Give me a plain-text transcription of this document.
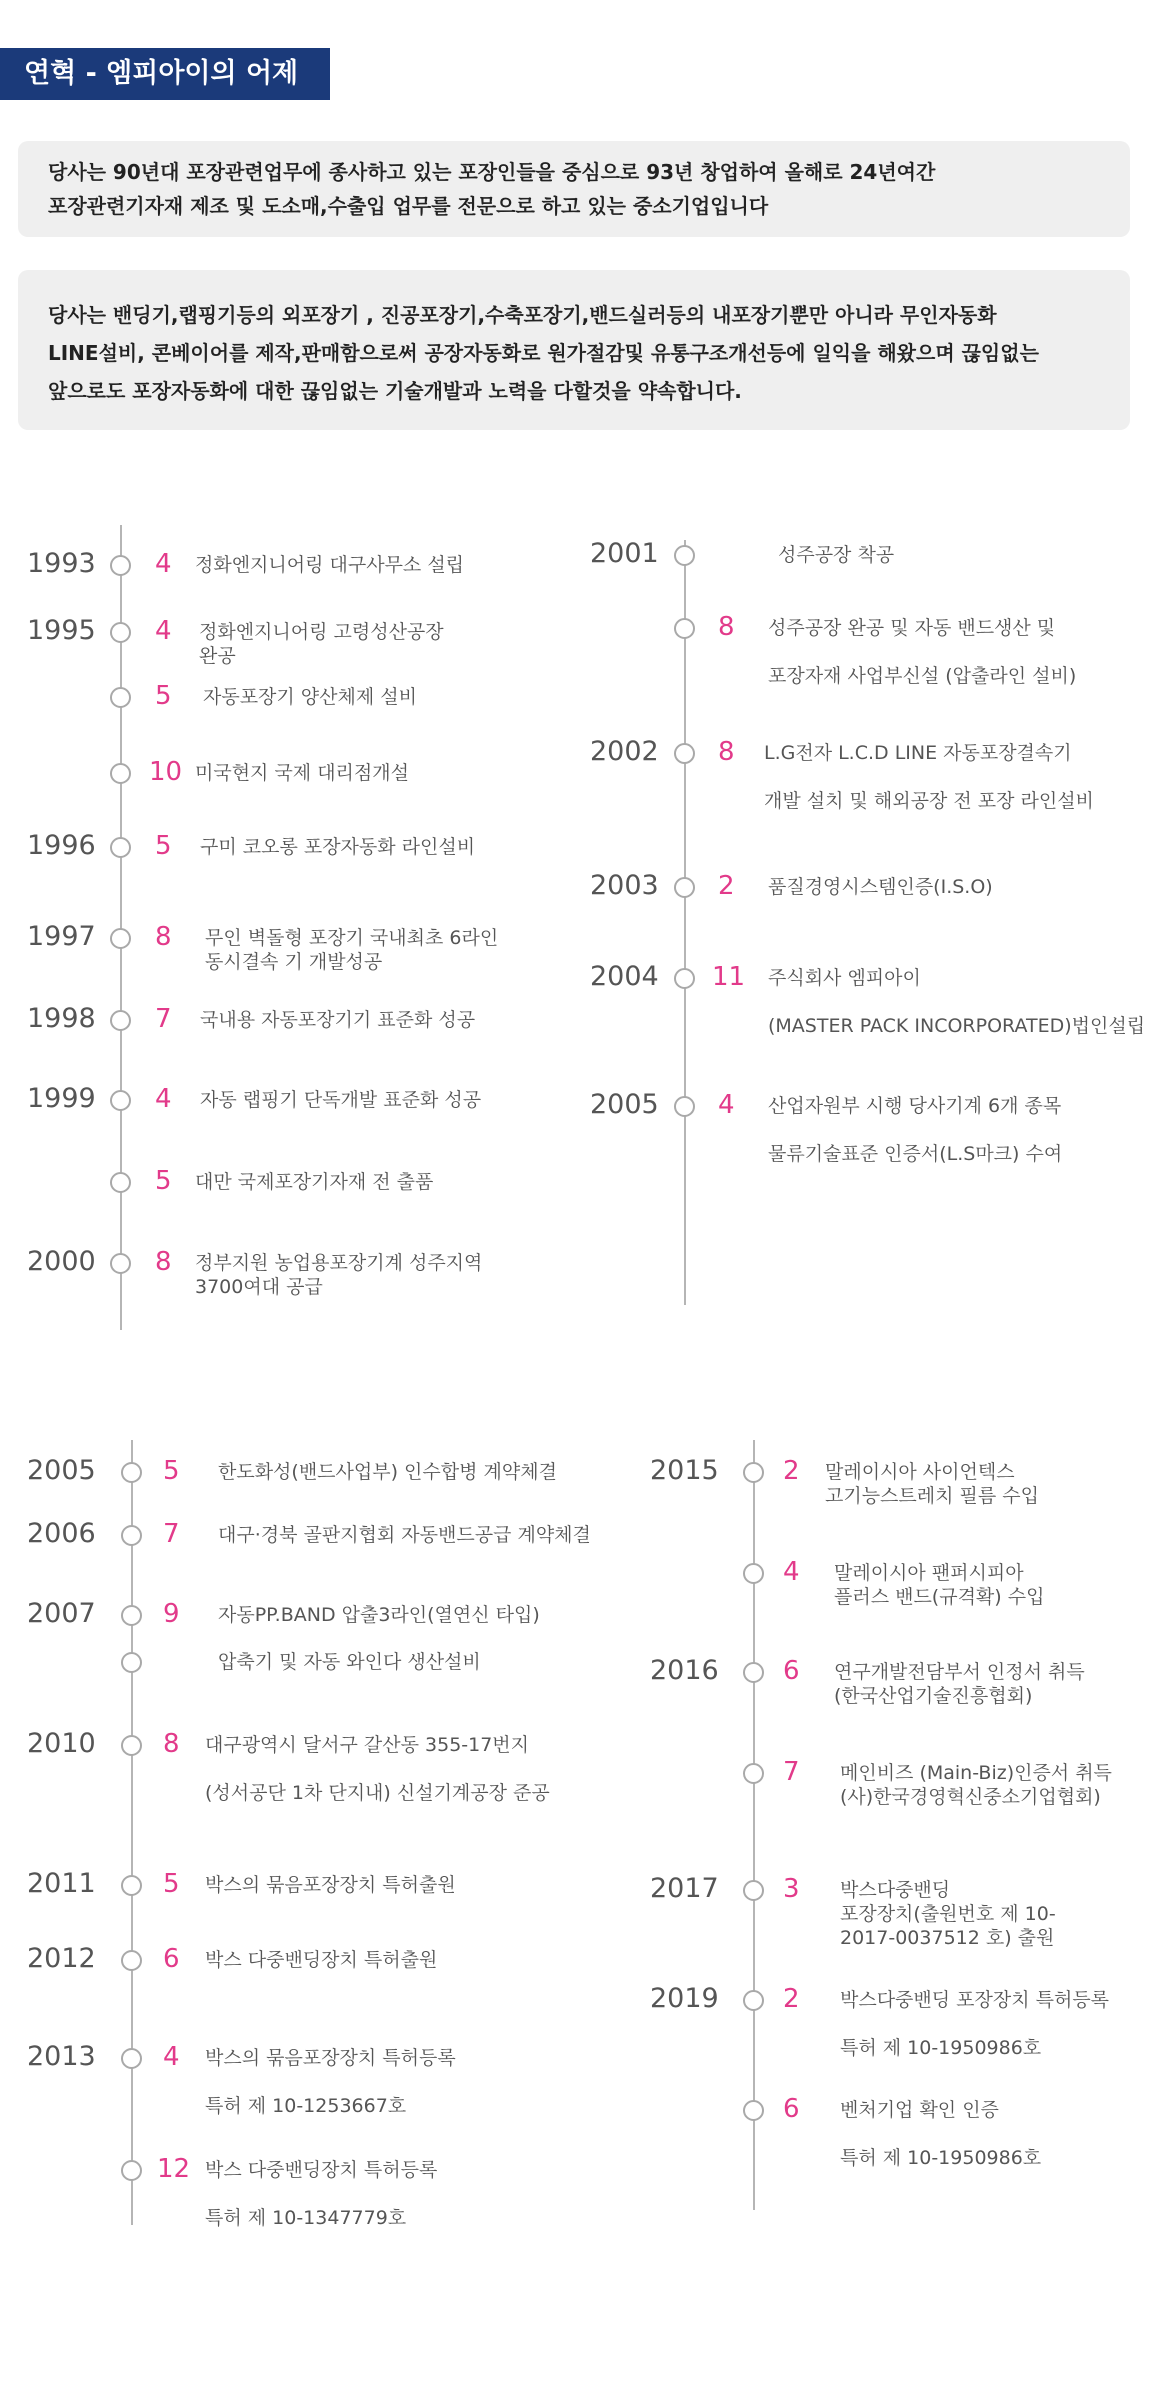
연혁 - 엠피아이의 어제

당사는 90년대 포장관련업무에 종사하고 있는 포장인들을 중심으로 93년 창업하여 올해로 24년여간

포장관련기자재 제조 및 도소매,수출입 업무를 전문으로 하고 있는 중소기업입니다

당사는 밴딩기,랩핑기등의 외포장기 , 진공포장기,수축포장기,밴드실러등의 내포장기뿐만 아니라 무인자동화

LINE설비, 콘베이어를 제작,판매함으로써 공장자동화로 원가절감및 유통구조개선등에 일익을 해왔으며 끊임없는

앞으로도 포장자동화에 대한 끊임없는 기술개발과 노력을 다할것을 약속합니다.

1993 4 정화엔지니어링 대구사무소 설립
1995 4 정화엔지니어링 고령성산공장
완공
5 자동포장기 양산체제 설비
10 미국현지 국제 대리점개설
1996 5 구미 코오롱 포장자동화 라인설비
1997 8 무인 벽돌형 포장기 국내최초 6라인
동시결속 기 개발성공
1998 7 국내용 자동포장기기 표준화 성공
1999 4 자동 랩핑기 단독개발 표준화 성공
5 대만 국제포장기자재 전 출품
2000 8 정부지원 농업용포장기계 성주지역
3700여대 공급
2001	성주공장 착공
8 성주공장 완공 및 자동 밴드생산 및
포장자재 사업부신설 (압출라인 설비)
2002 8 L.G전자 L.C.D LINE 자동포장결속기
개발 설치 및 해외공장 전 포장 라인설비
2003 2 품질경영시스템인증(I.S.O)
2004 11 주식회사 엠피아이
(MASTER PACK INCORPORATED)법인설립
2005 4 산업자원부 시행 당사기계 6개 종목
물류기술표준 인증서(L.S마크) 수여
2005	5 한도화성(밴드사업부) 인수합병 계약체결
2006	7 대구·경북 골판지협회 자동밴드공급 계약체결
2007	9 자동PP.BAND 압출3라인(열연신 타입)
압축기 및 자동 와인다 생산설비
2010	8 대구광역시 달서구 갈산동 355-17번지
(성서공단 1차 단지내) 신설기계공장 준공
2011	5 박스의 묶음포장장치 특허출원
2012	6 박스 다중밴딩장치 특허출원
2013	4 박스의 묶음포장장치 특허등록
특허 제 10-1253667호
12 박스 다중밴딩장치 특허등록
특허 제 10-1347779호
2015 2 말레이시아 사이언텍스
고기능스트레치 필름 수입
4 말레이시아 팬퍼시피아
플러스 밴드(규격확) 수입
2016 6 연구개발전담부서 인정서 취득
(한국산업기술진흥협회)
7 메인비즈 (Main-Biz)인증서 취득
(사)한국경영혁신중소기업협회)
2017 3 박스다중밴딩
포장장치(출원번호 제 10-
2017-0037512 호) 출원
2019 2 박스다중밴딩 포장장치 특허등록
특허 제 10-1950986호
6 벤처기업 확인 인증
특허 제 10-1950986호
